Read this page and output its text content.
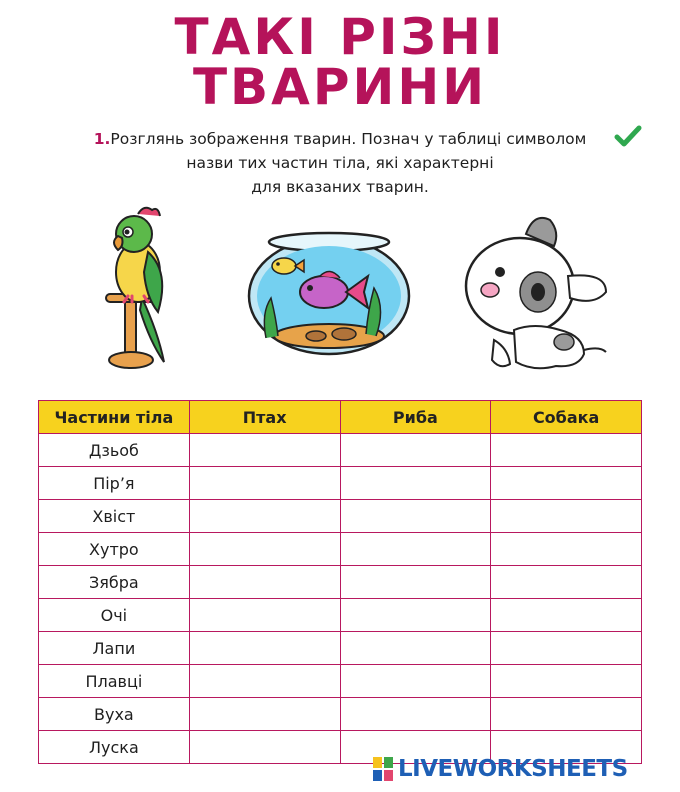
ТАКІ РІЗНІ
ТВАРИНИ
1.Розглянь зображення тварин. Познач у таблиці символом
назви тих частин тіла, які характерні
для вказаних тварин.
Частини тіла	Птах	Риба	Собака
Дзьоб			
Пір’я			
Хвіст			
Хутро			
Зябра			
Очі			
Лапи			
Плавці			
Вуха			
Луска			
LIVEWORKSHEETS
